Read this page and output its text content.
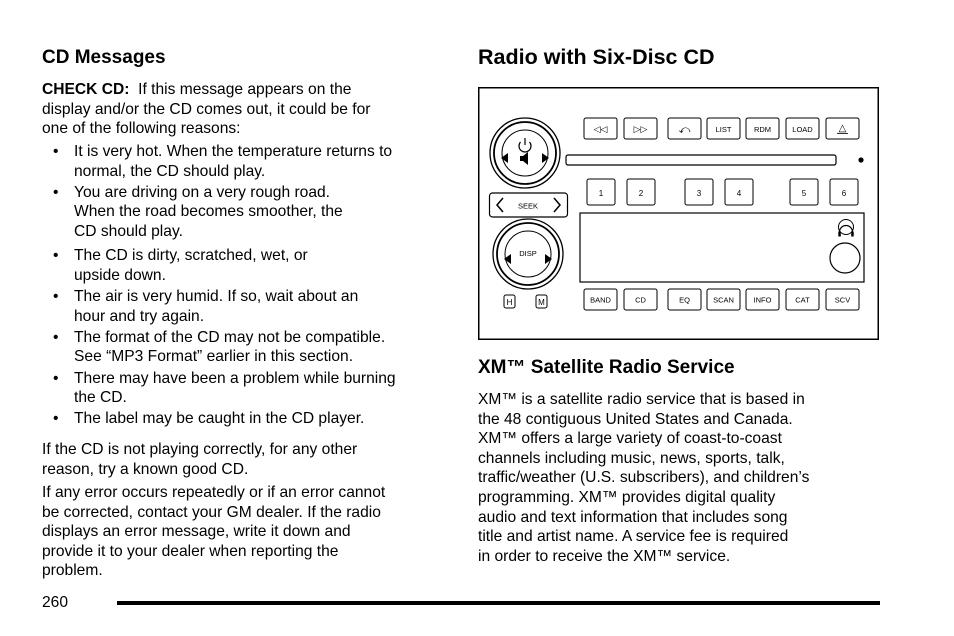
CD Messages
CHECK CD: If this message appears on the
display and/or the CD comes out, it could be for
one of the following reasons:
• It is very hot. When the temperature returns to
normal, the CD should play.
• You are driving on a very rough road.
When the road becomes smoother, the
CD should play.
• The CD is dirty, scratched, wet, or
upside down.
• The air is very humid. If so, wait about an
hour and try again.
• The format of the CD may not be compatible.
See “MP3 Format” earlier in this section.
• There may have been a problem while burning
the CD.
• The label may be caught in the CD player.
If the CD is not playing correctly, for any other
reason, try a known good CD.
If any error occurs repeatedly or if an error cannot
be corrected, contact your GM dealer. If the radio
displays an error message, write it down and
provide it to your dealer when reporting the
problem.
Radio with Six-Disc CD
XM™ Satellite Radio Service
XM™ is a satellite radio service that is based in
the 48 contiguous United States and Canada.
XM™ offers a large variety of coast-to-coast
channels including music, news, sports, talk,
traffic/weather (U.S. subscribers), and children’s
programming. XM™ provides digital quality
audio and text information that includes song
title and artist name. A service fee is required
in order to receive the XM™ service.
SEEK
DISP
H	M
◁◁	▷▷	⤺	LIST	RDM	LOAD	△
1	2	3	4	5	6
BAND	CD	EQ	SCAN	INFO	CAT	SCV
260
